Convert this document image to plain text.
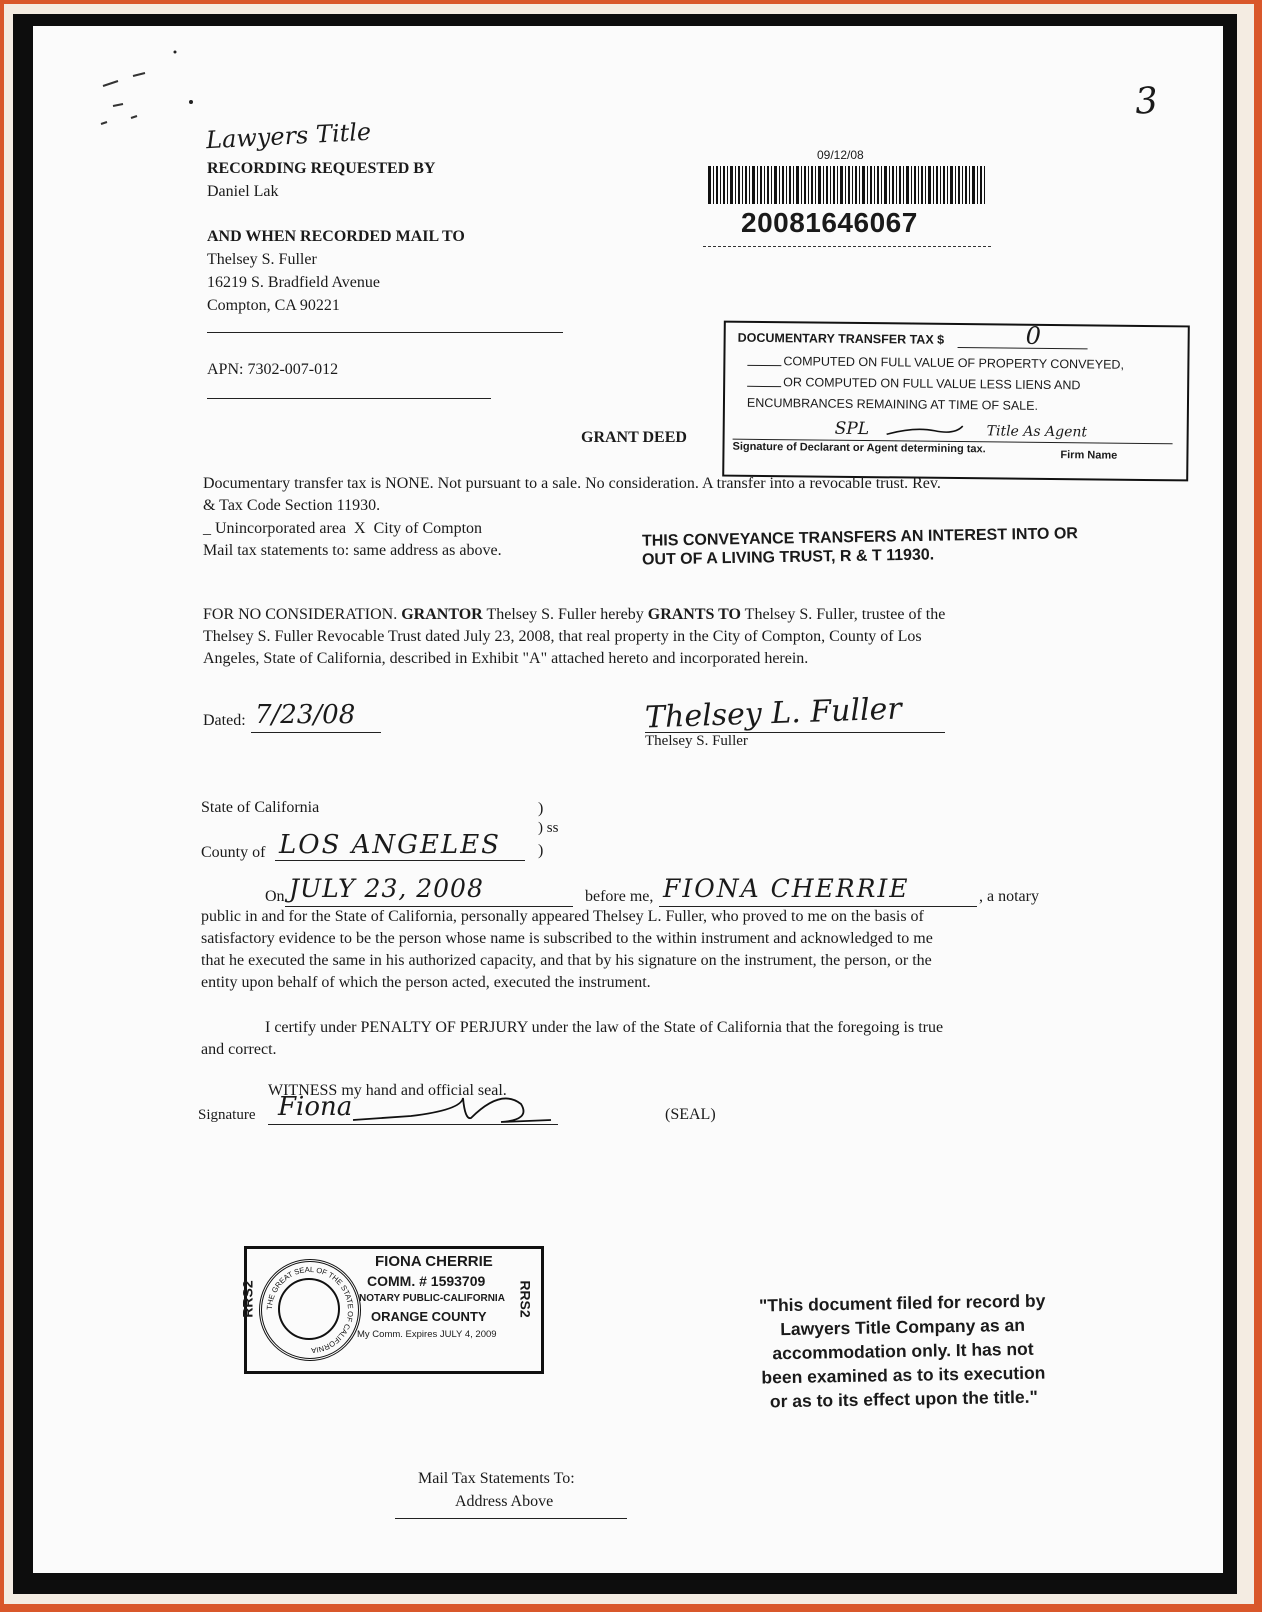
3
Lawyers Title
RECORDING REQUESTED BY
Daniel Lak
AND WHEN RECORDED MAIL TO
Thelsey S. Fuller
16219 S. Bradfield Avenue
Compton, CA 90221
APN: 7302-007-012
09/12/08
20081646067
DOCUMENTARY TRANSFER TAX $	0
COMPUTED ON FULL VALUE OF PROPERTY CONVEYED,
OR COMPUTED ON FULL VALUE LESS LIENS AND
ENCUMBRANCES REMAINING AT TIME OF SALE.
SPL	Title As Agent
Signature of Declarant or Agent determining tax.
Firm Name
GRANT DEED
Documentary transfer tax is NONE. Not pursuant to a sale. No consideration. A transfer into a revocable trust. Rev.
& Tax Code Section 11930.
_ Unincorporated area  X  City of Compton
Mail tax statements to: same address as above.
THIS CONVEYANCE TRANSFERS AN INTEREST INTO OR
OUT OF A LIVING TRUST, R & T 11930.
FOR NO CONSIDERATION. GRANTOR Thelsey S. Fuller hereby GRANTS TO Thelsey S. Fuller, trustee of the
Thelsey S. Fuller Revocable Trust dated July 23, 2008, that real property in the City of Compton, County of Los
Angeles, State of California, described in Exhibit "A" attached hereto and incorporated herein.
Dated: 7/23/08	Thelsey L. Fuller
Thelsey S. Fuller
State of California	)
) ss
)
County of LOS ANGELES
On JULY 23, 2008	before me, FIONA CHERRIE	, a notary
public in and for the State of California, personally appeared Thelsey L. Fuller, who proved to me on the basis of
satisfactory evidence to be the person whose name is subscribed to the within instrument and acknowledged to me
that he executed the same in his authorized capacity, and that by his signature on the instrument, the person, or the
entity upon behalf of which the person acted, executed the instrument.
I certify under PENALTY OF PERJURY under the law of the State of California that the foregoing is true
and correct.
WITNESS my hand and official seal.
Signature Fiona	(SEAL)
THE GREAT SEAL OF THE STATE OF CALIFORNIA
RRS2	RRS2
FIONA CHERRIE
COMM. # 1593709
NOTARY PUBLIC-CALIFORNIA
ORANGE COUNTY
My Comm. Expires JULY 4, 2009
"This document filed for record by
Lawyers Title Company as an
accommodation only. It has not
been examined as to its execution
or as to its effect upon the title."
Mail Tax Statements To:
Address Above
